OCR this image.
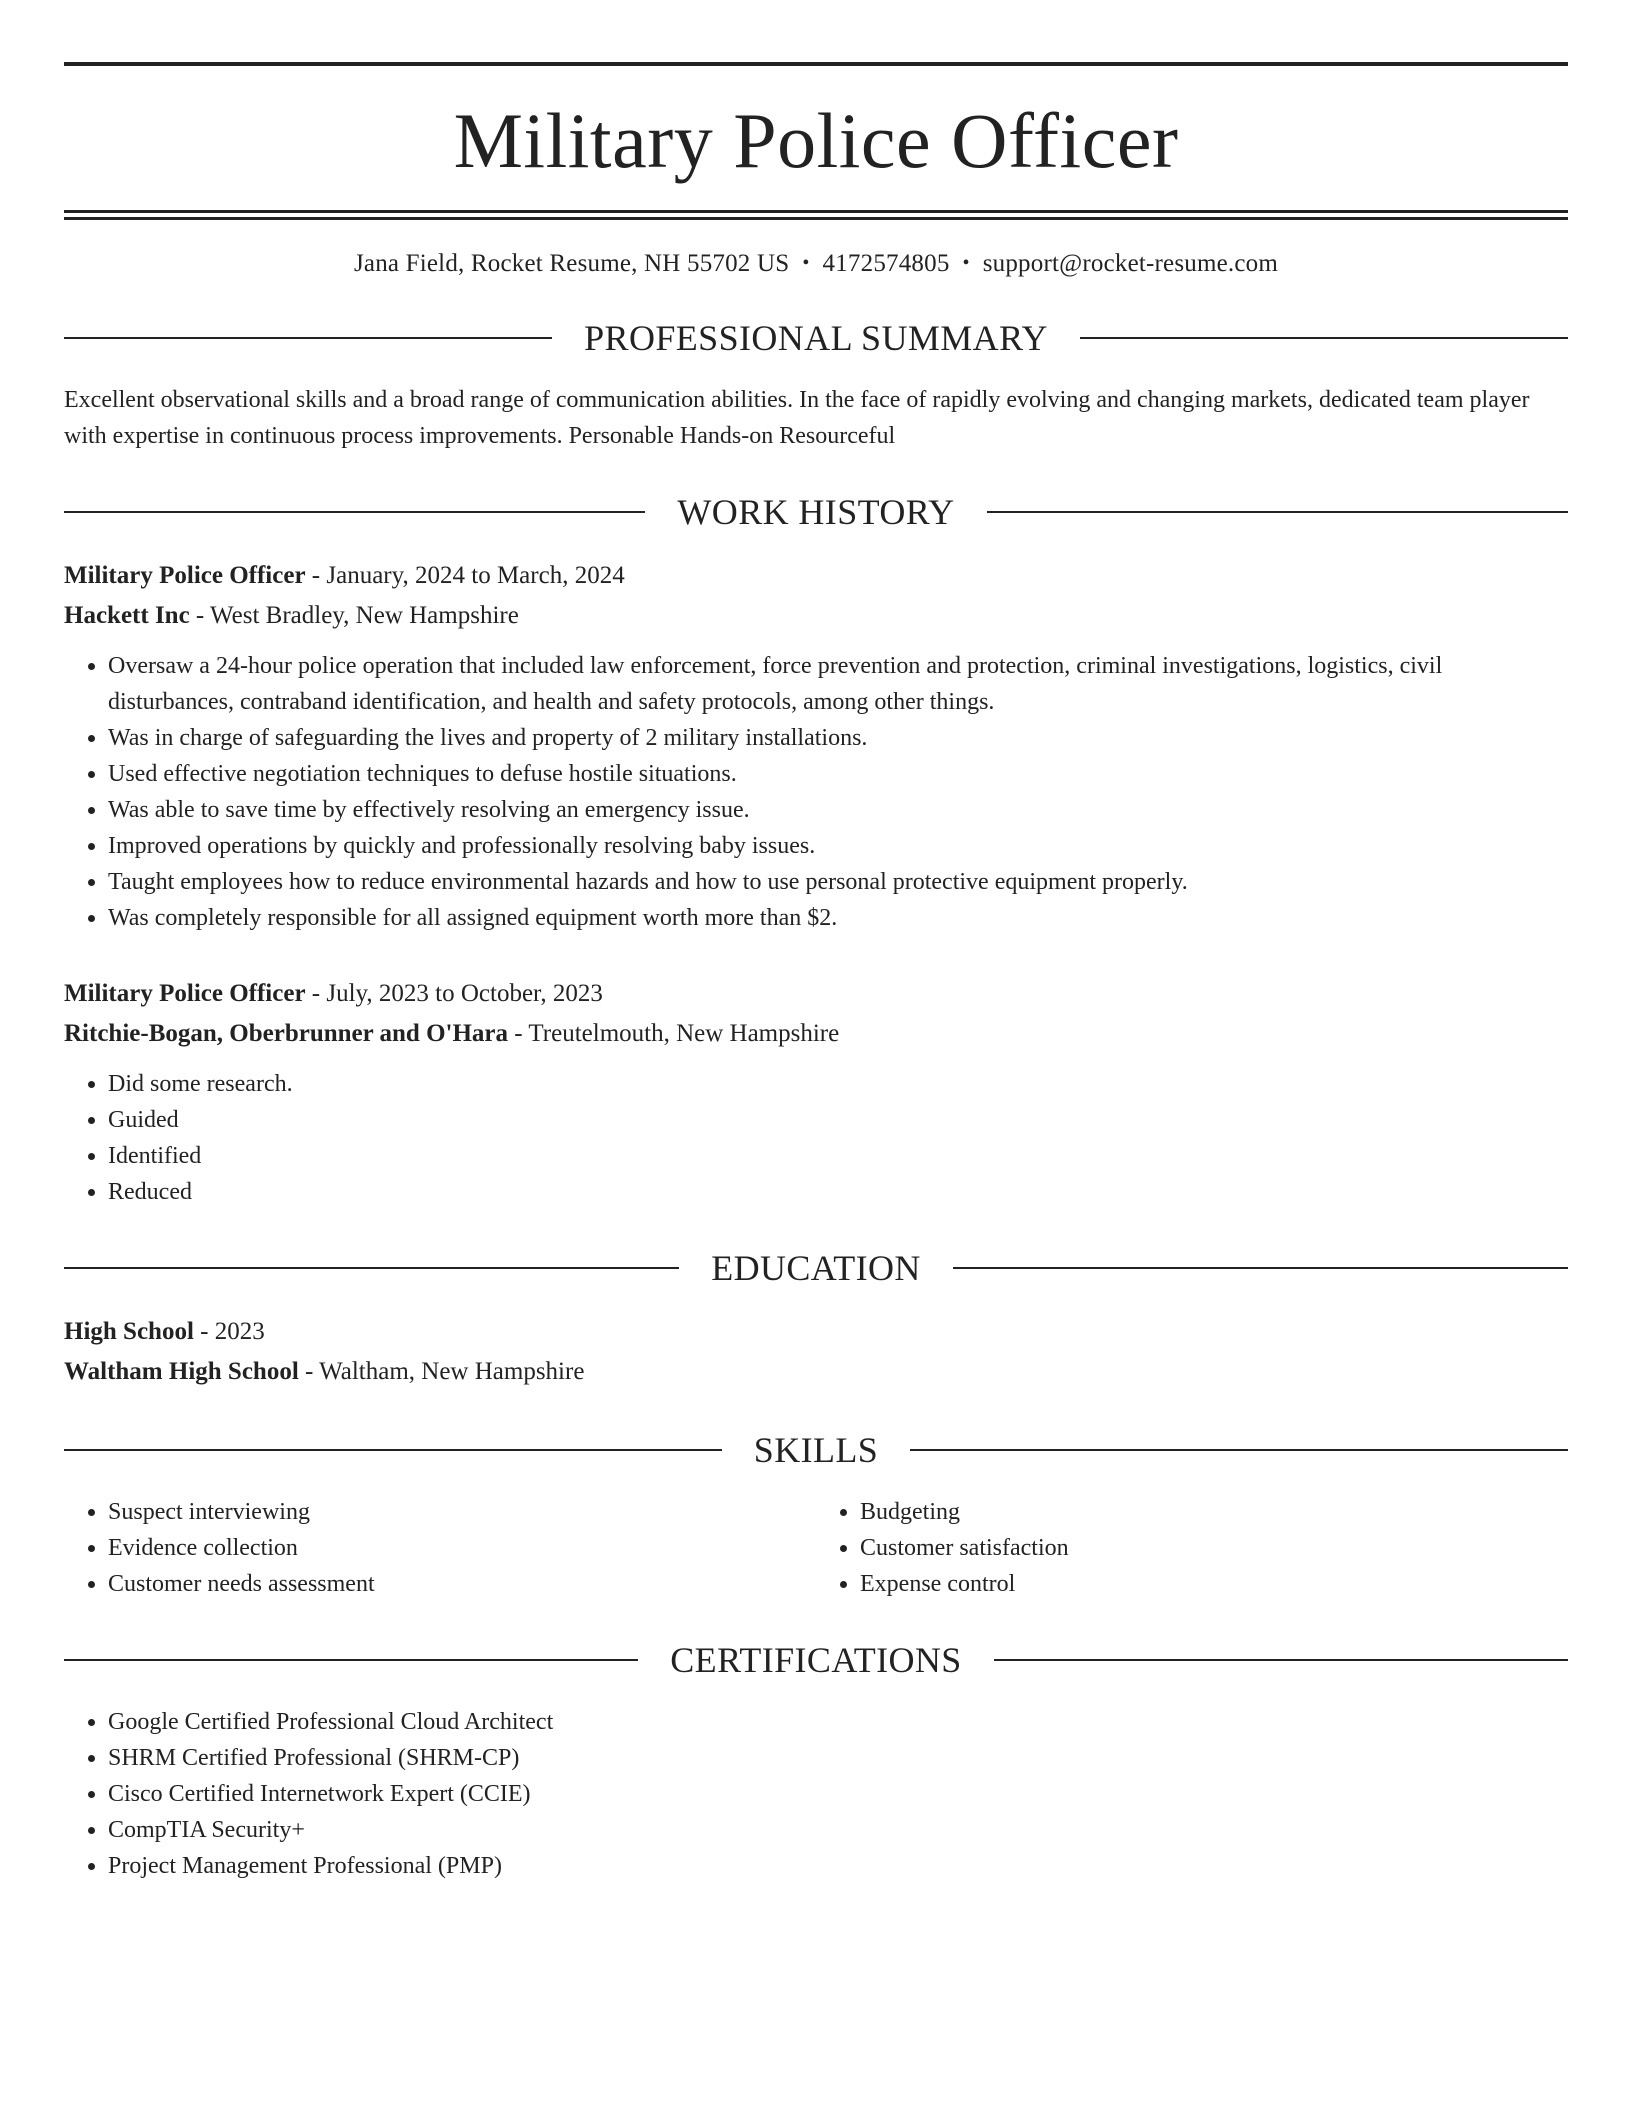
Military Police Officer
Jana Field, Rocket Resume, NH 55702 US • 4172574805 • support@rocket-resume.com
PROFESSIONAL SUMMARY
Excellent observational skills and a broad range of communication abilities. In the face of rapidly evolving and changing markets, dedicated team player with expertise in continuous process improvements. Personable Hands-on Resourceful
WORK HISTORY
Military Police Officer - January, 2024 to March, 2024
Hackett Inc - West Bradley, New Hampshire
• Oversaw a 24-hour police operation that included law enforcement, force prevention and protection, criminal investigations, logistics, civil disturbances, contraband identification, and health and safety protocols, among other things.
• Was in charge of safeguarding the lives and property of 2 military installations.
• Used effective negotiation techniques to defuse hostile situations.
• Was able to save time by effectively resolving an emergency issue.
• Improved operations by quickly and professionally resolving baby issues.
• Taught employees how to reduce environmental hazards and how to use personal protective equipment properly.
• Was completely responsible for all assigned equipment worth more than $2.
Military Police Officer - July, 2023 to October, 2023
Ritchie-Bogan, Oberbrunner and O'Hara - Treutelmouth, New Hampshire
• Did some research.
• Guided
• Identified
• Reduced
EDUCATION
High School - 2023
Waltham High School - Waltham, New Hampshire
SKILLS
• Suspect interviewing
• Evidence collection
• Customer needs assessment
• Budgeting
• Customer satisfaction
• Expense control
CERTIFICATIONS
• Google Certified Professional Cloud Architect
• SHRM Certified Professional (SHRM-CP)
• Cisco Certified Internetwork Expert (CCIE)
• CompTIA Security+
• Project Management Professional (PMP)
